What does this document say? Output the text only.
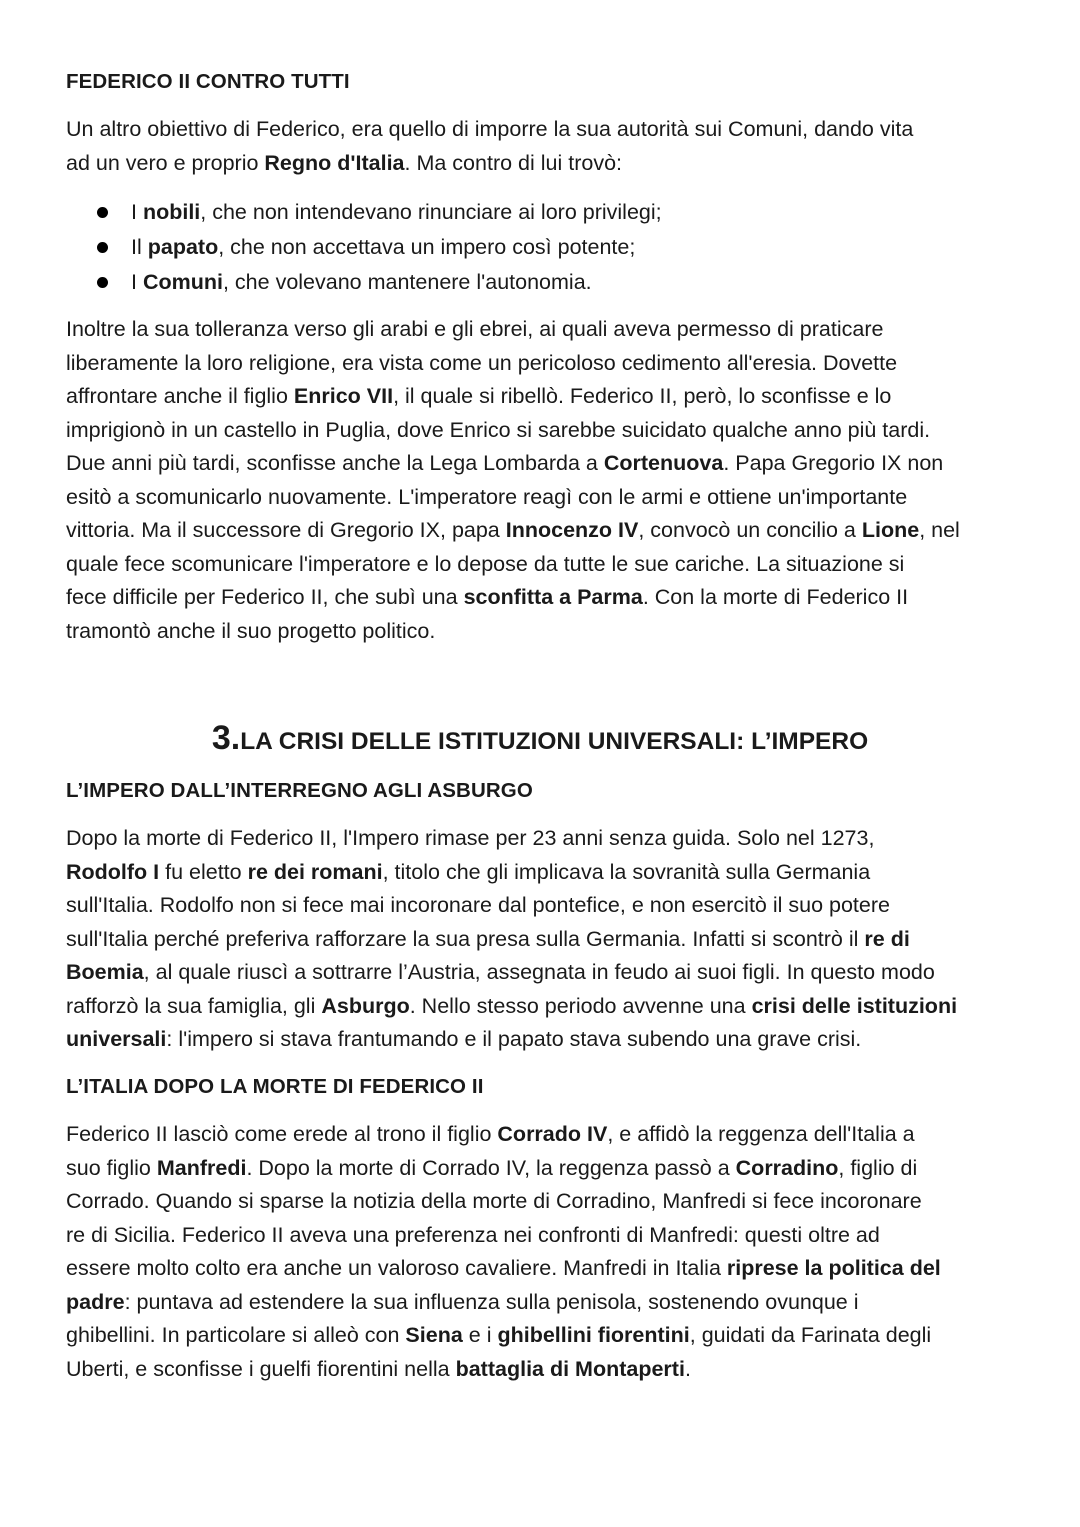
FEDERICO II CONTRO TUTTI
Un altro obiettivo di Federico, era quello di imporre la sua autorità sui Comuni, dando vita
ad un vero e proprio Regno d'Italia. Ma contro di lui trovò:
I nobili, che non intendevano rinunciare ai loro privilegi;
Il papato, che non accettava un impero così potente;
I Comuni, che volevano mantenere l'autonomia.
Inoltre la sua tolleranza verso gli arabi e gli ebrei, ai quali aveva permesso di praticare
liberamente la loro religione, era vista come un pericoloso cedimento all'eresia. Dovette
affrontare anche il figlio Enrico VII, il quale si ribellò. Federico II, però, lo sconfisse e lo
imprigionò in un castello in Puglia, dove Enrico si sarebbe suicidato qualche anno più tardi.
Due anni più tardi, sconfisse anche la Lega Lombarda a Cortenuova. Papa Gregorio IX non
esitò a scomunicarlo nuovamente. L'imperatore reagì con le armi e ottiene un'importante
vittoria. Ma il successore di Gregorio IX, papa Innocenzo IV, convocò un concilio a Lione, nel
quale fece scomunicare l'imperatore e lo depose da tutte le sue cariche. La situazione si
fece difficile per Federico II, che subì una sconfitta a Parma. Con la morte di Federico II
tramontò anche il suo progetto politico.
3.LA CRISI DELLE ISTITUZIONI UNIVERSALI: L’IMPERO
L’IMPERO DALL’INTERREGNO AGLI ASBURGO
Dopo la morte di Federico II, l'Impero rimase per 23 anni senza guida. Solo nel 1273,
Rodolfo I fu eletto re dei romani, titolo che gli implicava la sovranità sulla Germania
sull'Italia. Rodolfo non si fece mai incoronare dal pontefice, e non esercitò il suo potere
sull'Italia perché preferiva rafforzare la sua presa sulla Germania. Infatti si scontrò il re di
Boemia, al quale riuscì a sottrarre l’Austria, assegnata in feudo ai suoi figli. In questo modo
rafforzò la sua famiglia, gli Asburgo. Nello stesso periodo avvenne una crisi delle istituzioni
universali: l'impero si stava frantumando e il papato stava subendo una grave crisi.
L’ITALIA DOPO LA MORTE DI FEDERICO II
Federico II lasciò come erede al trono il figlio Corrado IV, e affidò la reggenza dell'Italia a
suo figlio Manfredi. Dopo la morte di Corrado IV, la reggenza passò a Corradino, figlio di
Corrado. Quando si sparse la notizia della morte di Corradino, Manfredi si fece incoronare
re di Sicilia. Federico II aveva una preferenza nei confronti di Manfredi: questi oltre ad
essere molto colto era anche un valoroso cavaliere. Manfredi in Italia riprese la politica del
padre: puntava ad estendere la sua influenza sulla penisola, sostenendo ovunque i
ghibellini. In particolare si alleò con Siena e i ghibellini fiorentini, guidati da Farinata degli
Uberti, e sconfisse i guelfi fiorentini nella battaglia di Montaperti.
